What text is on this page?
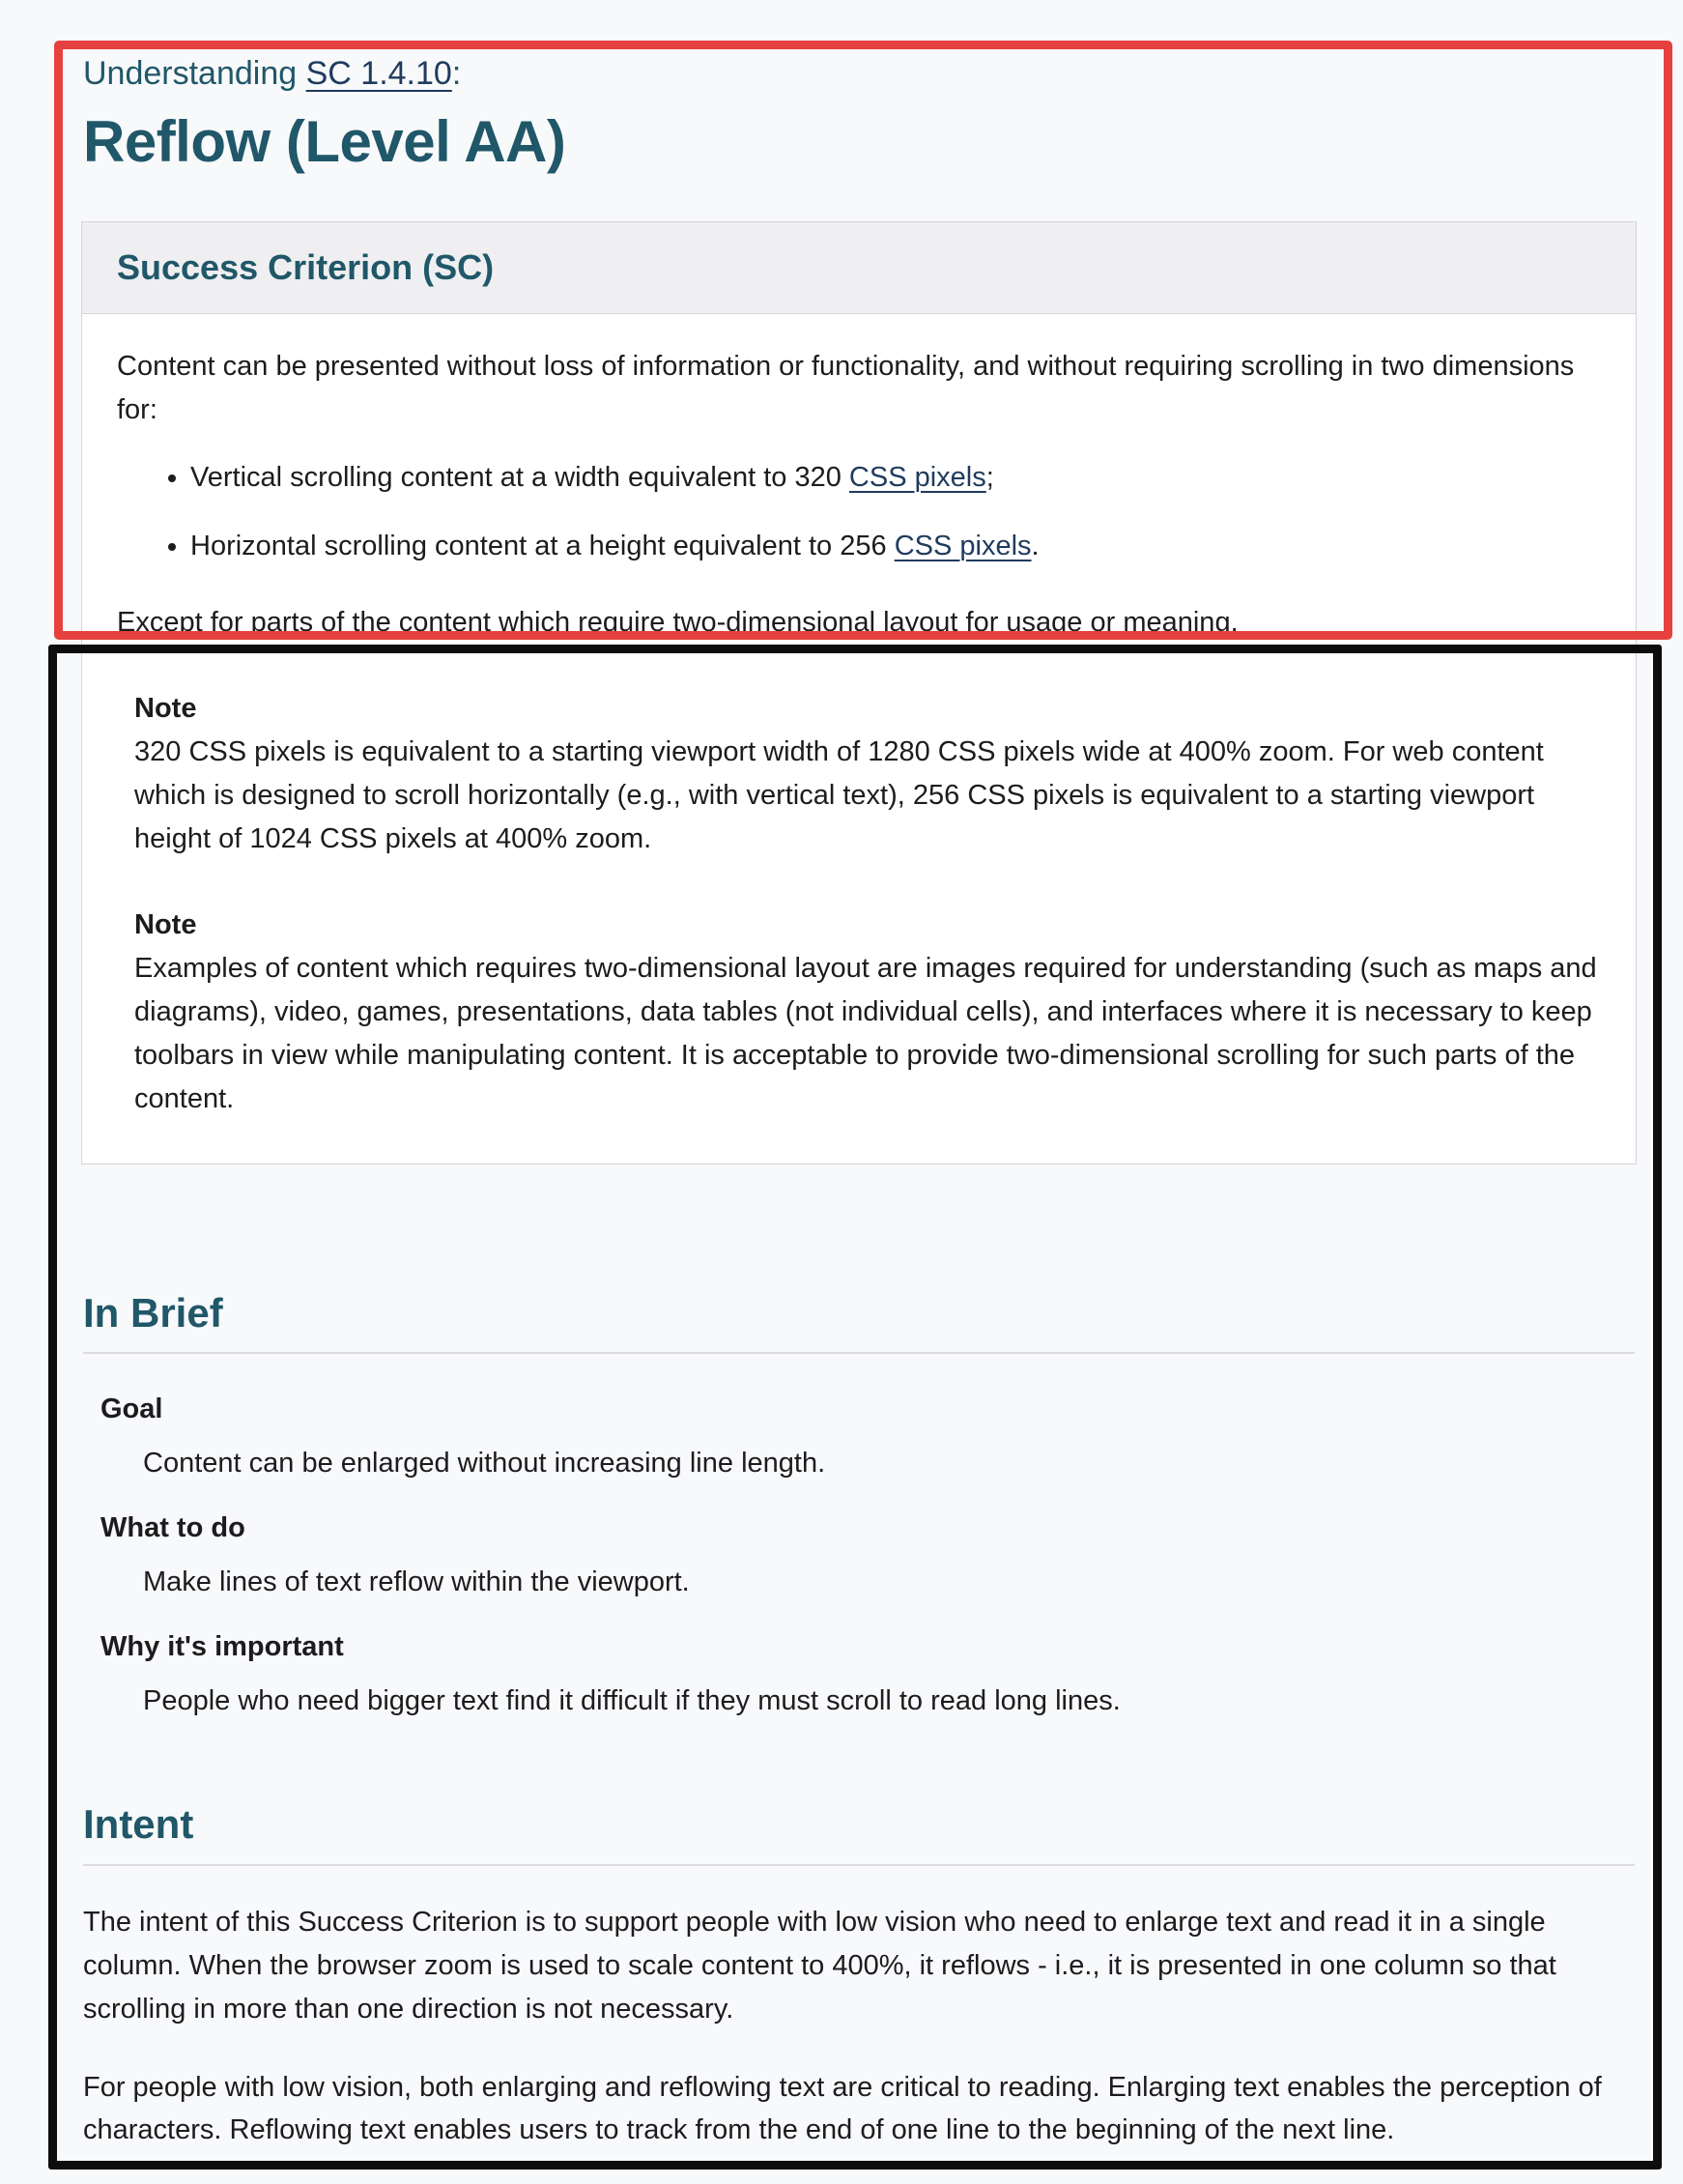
Understanding SC 1.4.10:

Reflow (Level AA)
Success Criterion (SC)

Content can be presented without loss of information or functionality, and without requiring scrolling in two dimensions for:

• Vertical scrolling content at a width equivalent to 320 CSS pixels;
• Horizontal scrolling content at a height equivalent to 256 CSS pixels.

Except for parts of the content which require two-dimensional layout for usage or meaning.

Note

320 CSS pixels is equivalent to a starting viewport width of 1280 CSS pixels wide at 400% zoom. For web content which is designed to scroll horizontally (e.g., with vertical text), 256 CSS pixels is equivalent to a starting viewport height of 1024 CSS pixels at 400% zoom.

Note

Examples of content which requires two-dimensional layout are images required for understanding (such as maps and diagrams), video, games, presentations, data tables (not individual cells), and interfaces where it is necessary to keep toolbars in view while manipulating content. It is acceptable to provide two-dimensional scrolling for such parts of the content.

In Brief
Goal
Content can be enlarged without increasing line length.
What to do
Make lines of text reflow within the viewport.
Why it's important
People who need bigger text find it difficult if they must scroll to read long lines.
Intent

The intent of this Success Criterion is to support people with low vision who need to enlarge text and read it in a single column. When the browser zoom is used to scale content to 400%, it reflows - i.e., it is presented in one column so that scrolling in more than one direction is not necessary.

For people with low vision, both enlarging and reflowing text are critical to reading. Enlarging text enables the perception of characters. Reflowing text enables users to track from the end of one line to the beginning of the next line.
